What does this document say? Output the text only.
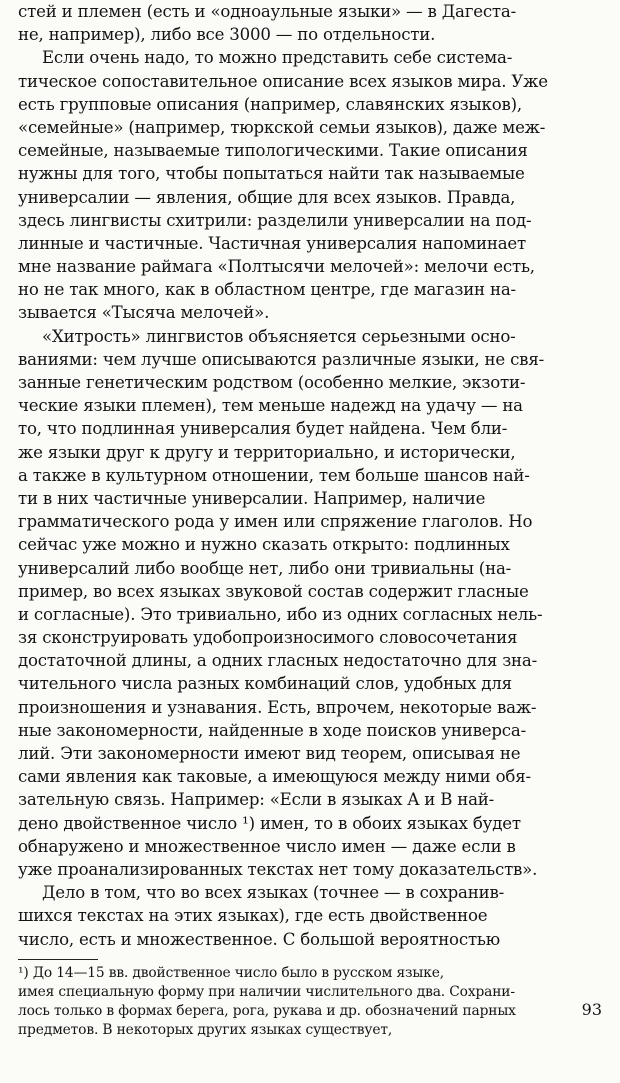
стей и племен (есть и «одноаульные языки» — в Дагеста-
не, например), либо все 3000 — по отдельности.
Если очень надо, то можно представить себе система-
тическое сопоставительное описание всех языков мира. Уже
есть групповые описания (например, славянских языков),
«семейные» (например, тюркской семьи языков), даже меж-
семейные, называемые типологическими. Такие описания
нужны для того, чтобы попытаться найти так называемые
универсалии — явления, общие для всех языков. Правда,
здесь лингвисты схитрили: разделили универсалии на под-
линные и частичные. Частичная универсалия напоминает
мне название раймага «Полтысячи мелочей»: мелочи есть,
но не так много, как в областном центре, где магазин на-
зывается «Тысяча мелочей».
«Хитрость» лингвистов объясняется серьезными осно-
ваниями: чем лучше описываются различные языки, не свя-
занные генетическим родством (особенно мелкие, экзоти-
ческие языки племен), тем меньше надежд на удачу — на
то, что подлинная универсалия будет найдена. Чем бли-
же языки друг к другу и территориально, и исторически,
а также в культурном отношении, тем больше шансов най-
ти в них частичные универсалии. Например, наличие
грамматического рода у имен или спряжение глаголов. Но
сейчас уже можно и нужно сказать открыто: подлинных
универсалий либо вообще нет, либо они тривиальны (на-
пример, во всех языках звуковой состав содержит гласные
и согласные). Это тривиально, ибо из одних согласных нель-
зя сконструировать удобопроизносимого словосочетания
достаточной длины, а одних гласных недостаточно для зна-
чительного числа разных комбинаций слов, удобных для
произношения и узнавания. Есть, впрочем, некоторые важ-
ные закономерности, найденные в ходе поисков универса-
лий. Эти закономерности имеют вид теорем, описывая не
сами явления как таковые, а имеющуюся между ними обя-
зательную связь. Например: «Если в языках A и B най-
дено двойственное число ¹) имен, то в обоих языках будет
обнаружено и множественное число имен — даже если в
уже проанализированных текстах нет тому доказательств».
Дело в том, что во всех языках (точнее — в сохранив-
шихся текстах на этих языках), где есть двойственное
число, есть и множественное. С большой вероятностью
¹) До 14—15 вв. двойственное число было в русском языке,
имея специальную форму при наличии числительного два. Сохрани-
лось только в формах берега, рога, рукава и др. обозначений парных
предметов. В некоторых других языках существует,
93
